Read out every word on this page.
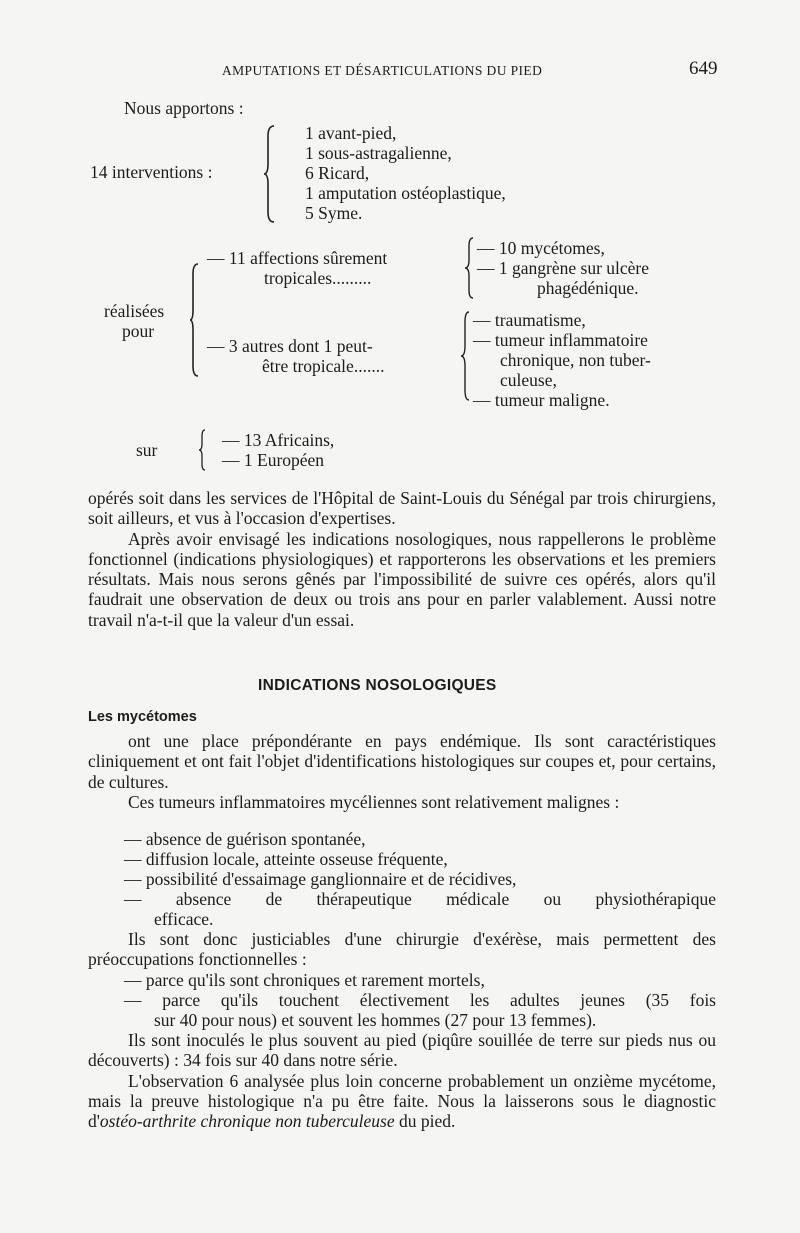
AMPUTATIONS ET DÉSARTICULATIONS DU PIED	649
Nous apportons :
14 interventions :
1 avant-pied,
1 sous-astragalienne,
6 Ricard,
1 amputation ostéoplastique,
5 Syme.
réalisées
pour
— 11 affections sûrement
tropicales.........
— 10 mycétomes,
— 1 gangrène sur ulcère
phagédénique.
— 3 autres dont 1 peut-
être tropicale.......
— traumatisme,
— tumeur inflammatoire
chronique, non tuber-
culeuse,
— tumeur maligne.
sur	— 13 Africains,
— 1 Européen

opérés soit dans les services de l'Hôpital de Saint-Louis du Sénégal par trois chirurgiens, soit ailleurs, et vus à l'occasion d'expertises.

Après avoir envisagé les indications nosologiques, nous rappellerons le problème fonctionnel (indications physiologiques) et rapporterons les observations et les premiers résultats. Mais nous serons gênés par l'impossibilité de suivre ces opérés, alors qu'il faudrait une observation de deux ou trois ans pour en parler valablement. Aussi notre travail n'a-t-il que la valeur d'un essai.

INDICATIONS NOSOLOGIQUES
Les mycétomes

ont une place prépondérante en pays endémique. Ils sont caractéristiques cliniquement et ont fait l'objet d'identifications histologiques sur coupes et, pour certains, de cultures.

Ces tumeurs inflammatoires mycéliennes sont relativement malignes :

— absence de guérison spontanée,
— diffusion locale, atteinte osseuse fréquente,
— possibilité d'essaimage ganglionnaire et de récidives,
— absence de thérapeutique médicale ou physiothérapique
efficace.

Ils sont donc justiciables d'une chirurgie d'exérèse, mais permettent des préoccupations fonctionnelles :

— parce qu'ils sont chroniques et rarement mortels,
— parce qu'ils touchent électivement les adultes jeunes (35 fois
sur 40 pour nous) et souvent les hommes (27 pour 13 femmes).

Ils sont inoculés le plus souvent au pied (piqûre souillée de terre sur pieds nus ou découverts) : 34 fois sur 40 dans notre série.

L'observation 6 analysée plus loin concerne probablement un onzième mycétome, mais la preuve histologique n'a pu être faite. Nous la laisserons sous le diagnostic d'ostéo-arthrite chronique non tuberculeuse du pied.
